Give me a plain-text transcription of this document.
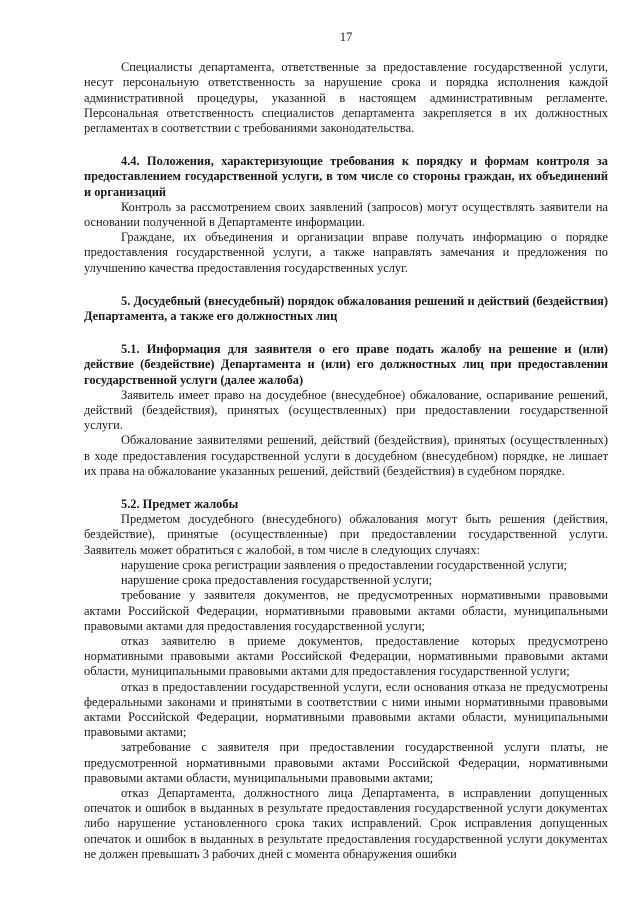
17

Специалисты департамента, ответственные за предоставление государственной услуги, несут персональную ответственность за нарушение срока и порядка исполнения каждой административной процедуры, указанной в настоящем административным регламенте. Персональная ответственность специалистов департамента закрепляется в их должностных регламентах в соответствии с требованиями законодательства.

4.4. Положения, характеризующие требования к порядку и формам контроля за предоставлением государственной услуги, в том числе со стороны граждан, их объединений и организаций

Контроль за рассмотрением своих заявлений (запросов) могут осуществлять заявители на основании полученной в Департаменте информации.

Граждане, их объединения и организации вправе получать информацию о порядке предоставления государственной услуги, а также направлять замечания и предложения по улучшению качества предоставления государственных услуг.

5. Досудебный (внесудебный) порядок обжалования решений и действий (бездействия) Департамента, а также его должностных лиц

5.1. Информация для заявителя о его праве подать жалобу на решение и (или) действие (бездействие) Департамента и (или) его должностных лиц при предоставлении государственной услуги (далее жалоба)

Заявитель имеет право на досудебное (внесудебное) обжалование, оспаривание решений, действий (бездействия), принятых (осуществленных) при предоставлении государственной услуги.

Обжалование заявителями решений, действий (бездействия), принятых (осуществленных) в ходе предоставления государственной услуги в досудебном (внесудебном) порядке, не лишает их права на обжалование указанных решений, действий (бездействия) в судебном порядке.

5.2. Предмет жалобы

Предметом досудебного (внесудебного) обжалования могут быть решения (действия, бездействие), принятые (осуществленные) при предоставлении государственной услуги. Заявитель может обратиться с жалобой, в том числе в следующих случаях:

нарушение срока регистрации заявления о предоставлении государственной услуги;

нарушение срока предоставления государственной услуги;

требование у заявителя документов, не предусмотренных нормативными правовыми актами Российской Федерации, нормативными правовыми актами области, муниципальными правовыми актами для предоставления государственной услуги;

отказ заявителю в приеме документов, предоставление которых предусмотрено нормативными правовыми актами Российской Федерации, нормативными правовыми актами области, муниципальными правовыми актами для предоставления государственной услуги;

отказ в предоставлении государственной услуги, если основания отказа не предусмотрены федеральными законами и принятыми в соответствии с ними иными нормативными правовыми актами Российской Федерации, нормативными правовыми актами области, муниципальными правовыми актами;

затребование с заявителя при предоставлении государственной услуги платы, не предусмотренной нормативными правовыми актами Российской Федерации, нормативными правовыми актами области, муниципальными правовыми актами;

отказ Департамента, должностного лица Департамента, в исправлении допущенных опечаток и ошибок в выданных в результате предоставления государственной услуги документах либо нарушение установленного срока таких исправлений. Срок исправления допущенных опечаток и ошибок в выданных в результате предоставления государственной услуги документах не должен превышать 3 рабочих дней с момента обнаружения ошибки
